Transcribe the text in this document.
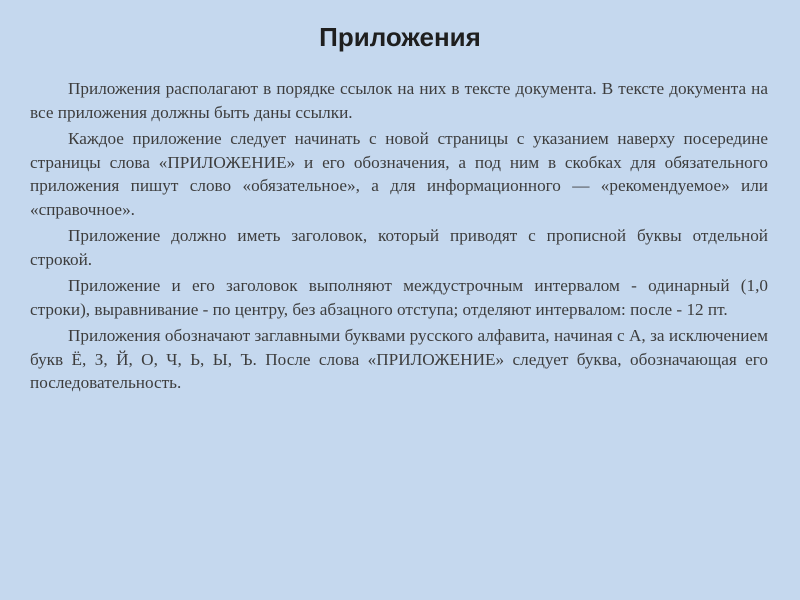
Приложения

Приложения располагают в порядке ссылок на них в тексте документа. В тексте документа на все приложения должны быть даны ссылки.

Каждое приложение следует начинать с новой страницы с указанием наверху посередине страницы слова «ПРИЛОЖЕНИЕ» и его обозначения, а под ним в скобках для обязательного приложения пишут слово «обязательное», а для информационного — «рекомендуемое» или «справочное».

Приложение должно иметь заголовок, который приводят с прописной буквы отдельной строкой.

Приложение и его заголовок выполняют междустрочным интервалом - одинарный (1,0 строки), выравнивание - по центру, без абзацного отступа; отделяют интервалом: после - 12 пт.

Приложения обозначают заглавными буквами русского алфавита, начиная с А, за исключением букв Ё, З, Й, О, Ч, Ь, Ы, Ъ. После слова «ПРИЛОЖЕНИЕ» следует буква, обозначающая его последовательность.
